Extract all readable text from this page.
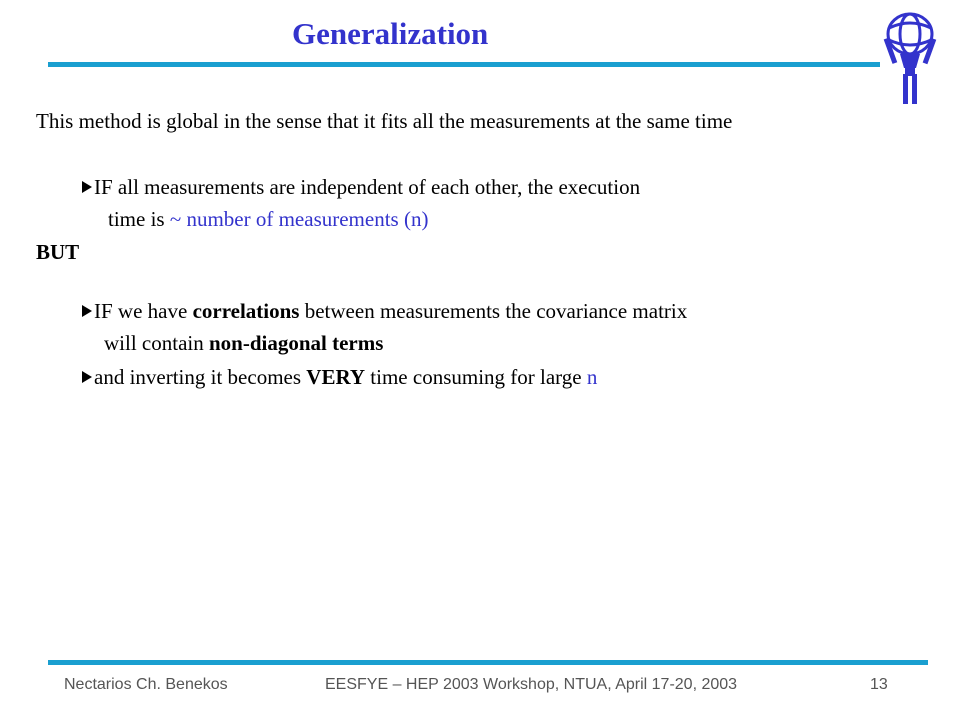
Generalization
This method is global in the sense that it fits all the measurements at the same time
IF all measurements are independent of each other, the execution
time is ~ number of measurements (n)
BUT
IF we have correlations between measurements the covariance matrix
will contain non-diagonal terms
and inverting it becomes VERY time consuming for large n
Nectarios Ch. Benekos	EESFYE – HEP 2003 Workshop, NTUA, April 17-20, 2003	13
